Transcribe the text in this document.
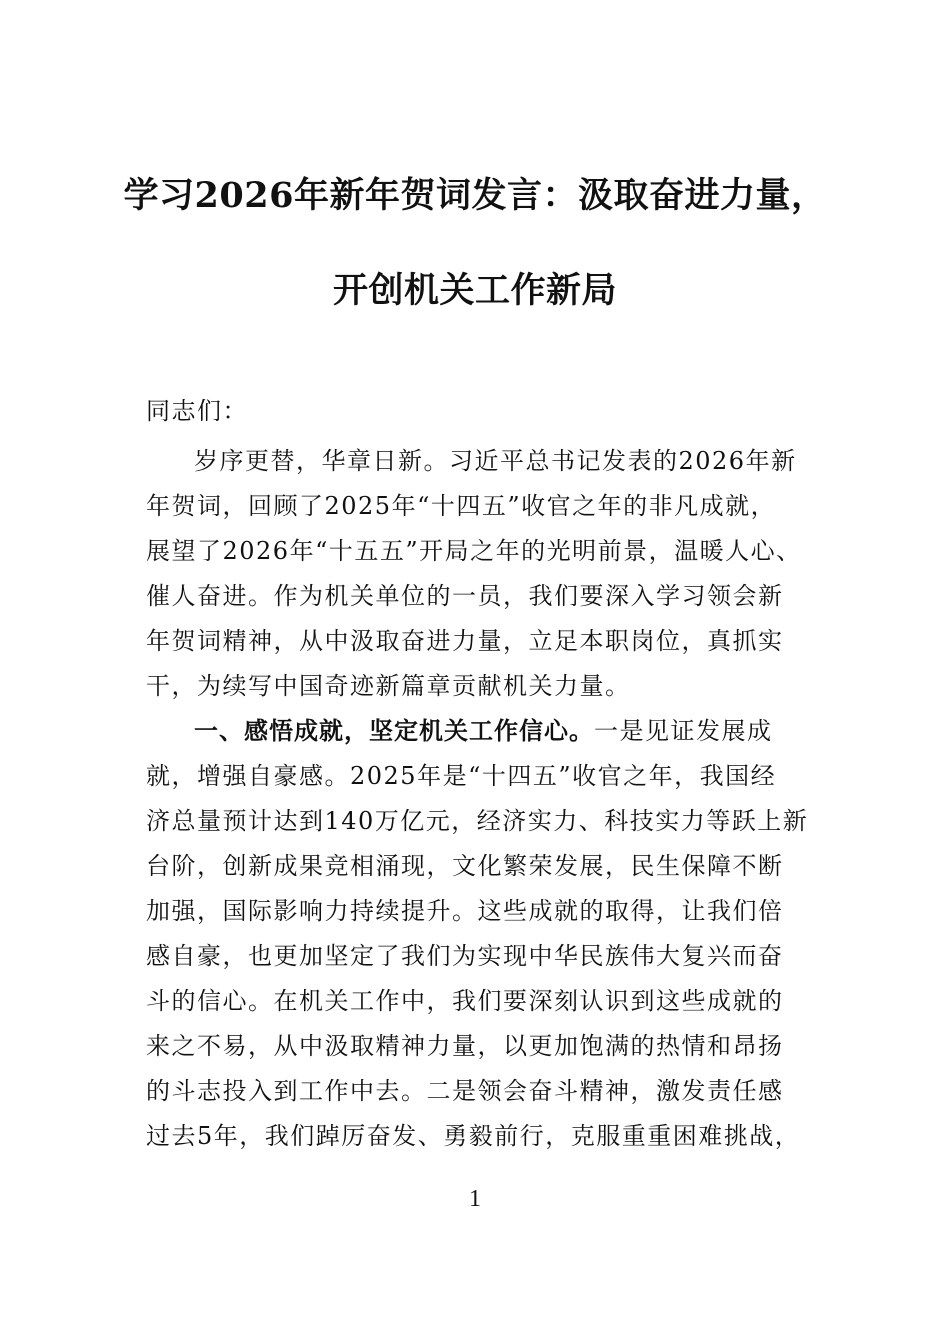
学习2026年新年贺词发言：汲取奋进力量，
开创机关工作新局
同志们：
岁序更替，华章日新。习近平总书记发表的2026年新
年贺词，回顾了2025年“十四五”收官之年的非凡成就，
展望了2026年“十五五”开局之年的光明前景，温暖人心、
催人奋进。作为机关单位的一员，我们要深入学习领会新
年贺词精神，从中汲取奋进力量，立足本职岗位，真抓实
干，为续写中国奇迹新篇章贡献机关力量。
一、感悟成就，坚定机关工作信心。一是见证发展成
就，增强自豪感。2025年是“十四五”收官之年，我国经
济总量预计达到140万亿元，经济实力、科技实力等跃上新
台阶，创新成果竞相涌现，文化繁荣发展，民生保障不断
加强，国际影响力持续提升。这些成就的取得，让我们倍
感自豪，也更加坚定了我们为实现中华民族伟大复兴而奋
斗的信心。在机关工作中，我们要深刻认识到这些成就的
来之不易，从中汲取精神力量，以更加饱满的热情和昂扬
的斗志投入到工作中去。二是领会奋斗精神，激发责任感
过去5年，我们踔厉奋发、勇毅前行，克服重重困难挑战，
1
